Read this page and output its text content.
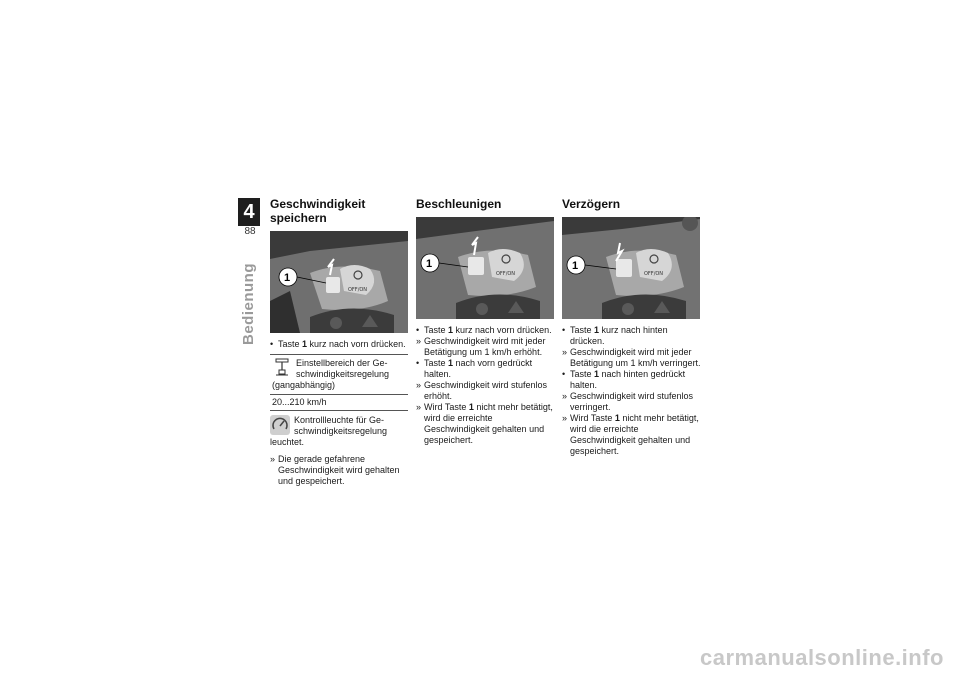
4
88
Bedienung
Geschwindigkeit speichern
OFF/ON
1
• Taste 1 kurz nach vorn drücken.
Einstellbereich der Ge-
schwindigkeitsregelung
(gangabhängig)
20...210 km/h
Kontrollleuchte für Ge-
schwindigkeitsregelung
leuchtet.
» Die gerade gefahrene Geschwindigkeit wird gehalten und gespeichert.
Beschleunigen
OFF/ON
1
• Taste 1 kurz nach vorn drücken.
» Geschwindigkeit wird mit jeder Betätigung um 1 km/h erhöht.
• Taste 1 nach vorn gedrückt halten.
» Geschwindigkeit wird stufenlos erhöht.
» Wird Taste 1 nicht mehr betätigt, wird die erreichte Geschwindigkeit gehalten und gespeichert.
Verzögern
OFF/ON
1
• Taste 1 kurz nach hinten drücken.
» Geschwindigkeit wird mit jeder Betätigung um 1 km/h verringert.
• Taste 1 nach hinten gedrückt halten.
» Geschwindigkeit wird stufenlos verringert.
» Wird Taste 1 nicht mehr betätigt, wird die erreichte Geschwindigkeit gehalten und gespeichert.
carmanualsonline.info
